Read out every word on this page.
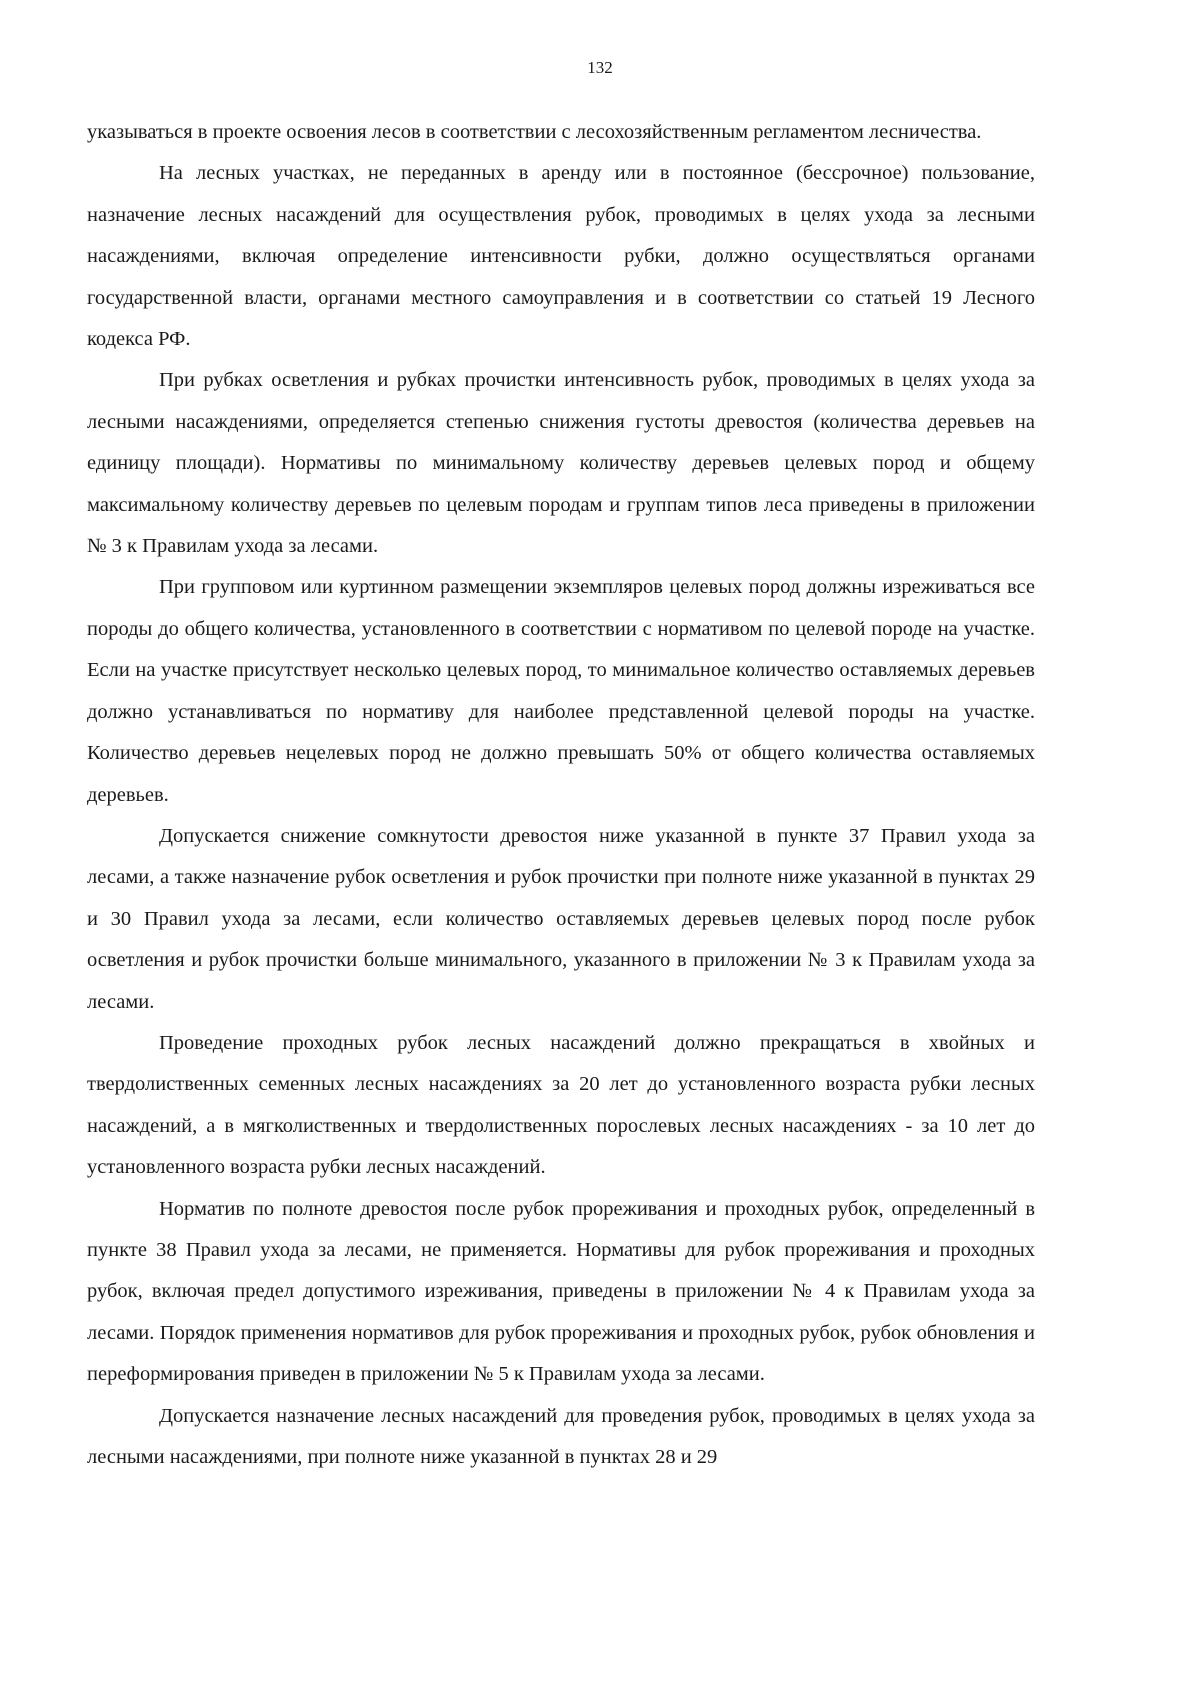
132

указываться в проекте освоения лесов в соответствии с лесохозяйственным регламентом лесничества.

На лесных участках, не переданных в аренду или в постоянное (бессрочное) пользование, назначение лесных насаждений для осуществления рубок, проводимых в целях ухода за лесными насаждениями, включая определение интенсивности рубки, должно осуществляться органами государственной власти, органами местного самоуправления и в соответствии со статьей 19 Лесного кодекса РФ.

При рубках осветления и рубках прочистки интенсивность рубок, проводимых в целях ухода за лесными насаждениями, определяется степенью снижения густоты древостоя (количества деревьев на единицу площади). Нормативы по минимальному количеству деревьев целевых пород и общему максимальному количеству деревьев по целевым породам и группам типов леса приведены в приложении № 3 к Правилам ухода за лесами.

При групповом или куртинном размещении экземпляров целевых пород должны изреживаться все породы до общего количества, установленного в соответствии с нормативом по целевой породе на участке. Если на участке присутствует несколько целевых пород, то минимальное количество оставляемых деревьев должно устанавливаться по нормативу для наиболее представленной целевой породы на участке. Количество деревьев нецелевых пород не должно превышать 50% от общего количества оставляемых деревьев.

Допускается снижение сомкнутости древостоя ниже указанной в пункте 37 Правил ухода за лесами, а также назначение рубок осветления и рубок прочистки при полноте ниже указанной в пунктах 29 и 30 Правил ухода за лесами, если количество оставляемых деревьев целевых пород после рубок осветления и рубок прочистки больше минимального, указанного в приложении № 3 к Правилам ухода за лесами.

Проведение проходных рубок лесных насаждений должно прекращаться в хвойных и твердолиственных семенных лесных насаждениях за 20 лет до установленного возраста рубки лесных насаждений, а в мягколиственных и твердолиственных порослевых лесных насаждениях - за 10 лет до установленного возраста рубки лесных насаждений.

Норматив по полноте древостоя после рубок прореживания и проходных рубок, определенный в пункте 38 Правил ухода за лесами, не применяется. Нормативы для рубок прореживания и проходных рубок, включая предел допустимого изреживания, приведены в приложении № 4 к Правилам ухода за лесами. Порядок применения нормативов для рубок прореживания и проходных рубок, рубок обновления и переформирования приведен в приложении № 5 к Правилам ухода за лесами.

Допускается назначение лесных насаждений для проведения рубок, проводимых в целях ухода за лесными насаждениями, при полноте ниже указанной в пунктах 28 и 29
